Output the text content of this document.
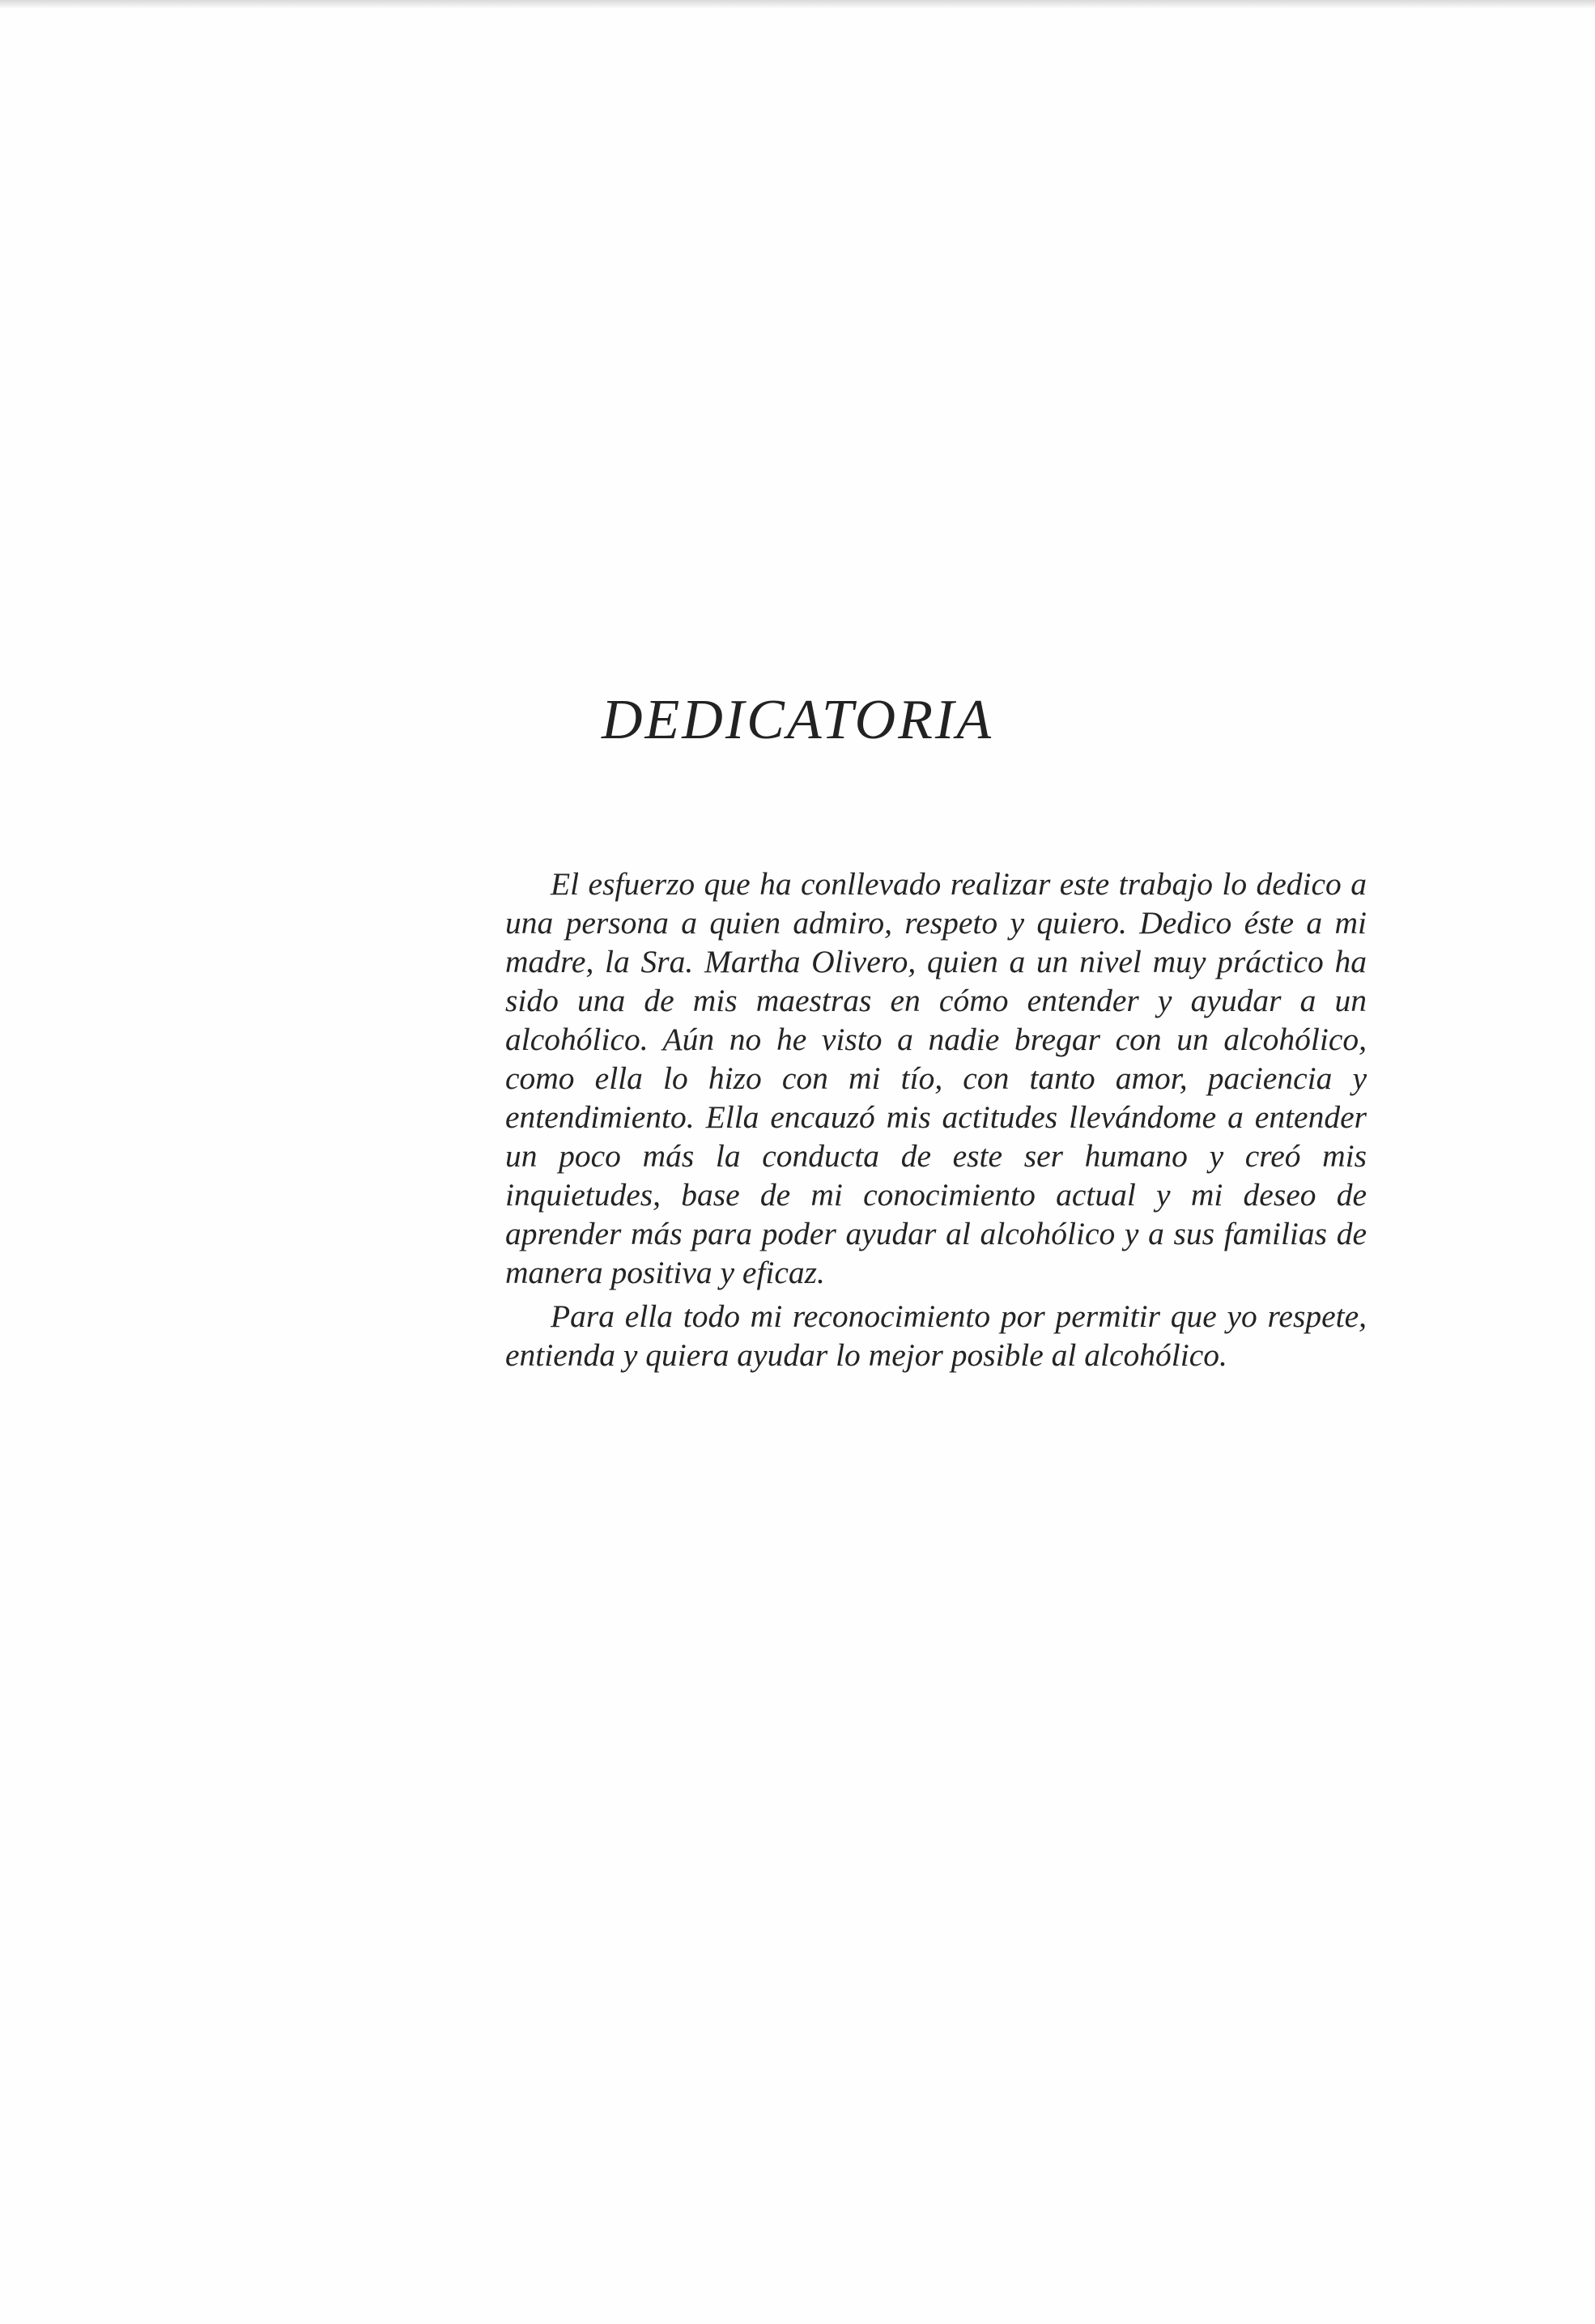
DEDICATORIA

El esfuerzo que ha conllevado realizar este trabajo lo dedico a una persona a quien admiro, respeto y quiero. Dedico éste a mi madre, la Sra. Martha Olivero, quien a un nivel muy práctico ha sido una de mis maestras en cómo entender y ayudar a un alcohólico. Aún no he visto a nadie bregar con un alcohólico, como ella lo hizo con mi tío, con tanto amor, paciencia y entendimiento. Ella encauzó mis actitudes llevándome a entender un poco más la conducta de este ser humano y creó mis inquietudes, base de mi conocimiento actual y mi deseo de aprender más para poder ayudar al alcohólico y a sus familias de manera positiva y eficaz.

Para ella todo mi reconocimiento por permitir que yo respete, entienda y quiera ayudar lo mejor posible al alcohólico.
